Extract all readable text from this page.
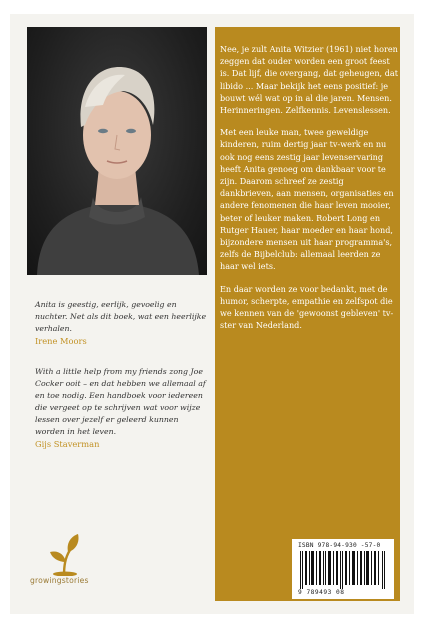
Nee, je zult Anita Witzier (1961) niet horen zeggen dat ouder worden een groot feest is. Dat lijf, die overgang, dat geheugen, dat libido ... Maar bekijk het eens positief: je bouwt wél wat op in al die jaren. Mensen. Herinneringen. Zelfkennis. Levenslessen.

Met een leuke man, twee geweldige kinderen, ruim dertig jaar tv-werk en nu ook nog eens zestig jaar levenservaring heeft Anita genoeg om dankbaar voor te zijn. Daarom schreef ze zestig dankbrieven, aan mensen, organisaties en andere fenomenen die haar leven mooier, beter of leuker maken. Robert Long en Rutger Hauer, haar moeder en haar hond, bijzondere mensen uit haar programma's, zelfs de Bijbelclub: allemaal leerden ze haar wel iets.

En daar worden ze voor bedankt, met de humor, scherpte, empathie en zelfspot die we kennen van de 'gewoonst gebleven' tv-ster van Nederland.

Anita is geestig, eerlijk, gevoelig en nuchter. Net als dit boek, wat een heerlijke verhalen.

Irene Moors

With a little help from my friends zong Joe Cocker ooit – en dat hebben we allemaal af en toe nodig. Een handboek voor iedereen die vergeet op te schrijven wat voor wijze lessen over jezelf er geleerd kunnen worden in het leven.

Gijs Staverman

growingstories
ISBN 978-94-930 -57-0
9 789493 08
